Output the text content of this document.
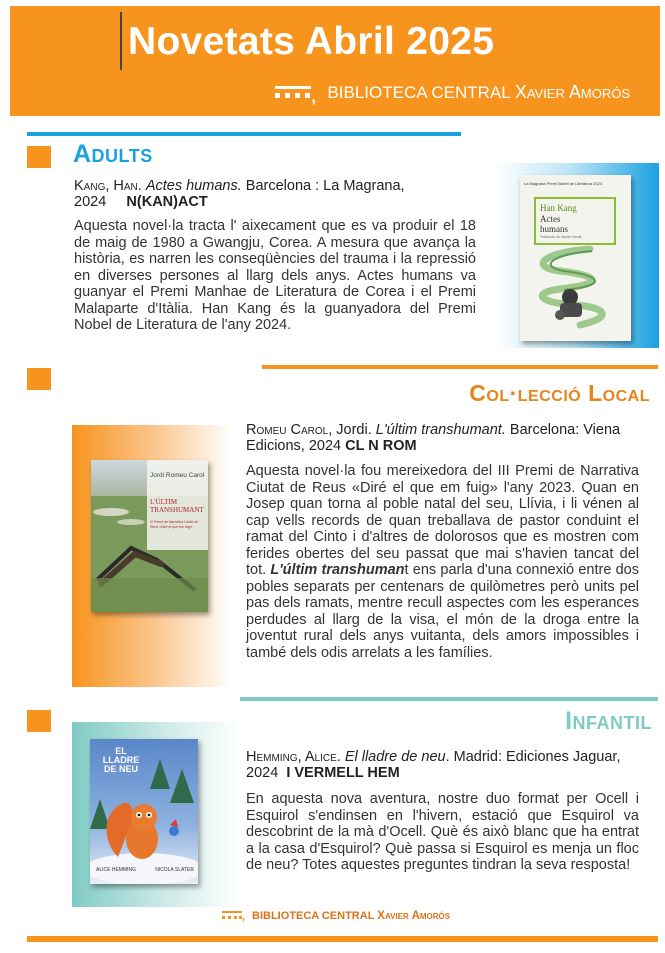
Novetats Abril 2025
, BIBLIOTECA CENTRAL Xavier Amorós
Adults
Kang, Han. Actes humans. Barcelona : La Magrana,
2024 N(KAN)ACT
Aquesta novel·la tracta l' aixecament que es va produir el 18 de maig de 1980 a Gwangju, Corea. A mesura que avança la història, es narren les conseqüències del trauma i la repressió en diverses persones al llarg dels anys. Actes humans va guanyar el Premi Manhae de Literatura de Corea i el Premi Malaparte d'Itàlia. Han Kang és la guanyadora del Premi Nobel de Literatura de l'any 2024.
La Magrana Premi Nobel de Literatura 2024
Han Kang
Actes humans
Traducció de Xavier Cerdà
Col·lecció Local
Jordi Romeu Carol
L'ÚLTIM TRANSHUMANT
III Premi de Narrativa Ciutat de Reus «Diré el que em fuig»
Romeu Carol, Jordi. L'últim transhumant. Barcelona: Viena Edicions, 2024 CL N ROM
Aquesta novel·la fou mereixedora del III Premi de Narrativa Ciutat de Reus «Diré el que em fuig» l'any 2023. Quan en Josep quan torna al poble natal del seu, Llívia, i li vénen al cap vells records de quan treballava de pastor conduint el ramat del Cinto i d'altres de dolorosos que es mostren com ferides obertes del seu passat que mai s'havien tancat del tot. L'últim transhumant ens parla d'una connexió entre dos pobles separats per centenars de quilòmetres però units pel pas dels ramats, mentre recull aspectes com les esperances perdudes al llarg de la visa, el món de la droga entre la joventut rural dels anys vuitanta, dels amors impossibles i també dels odis arrelats a les famílies.
Infantil
EL LLADRE DE NEU
ALICE HEMMING	NICOLA SLATER
Hemming, Alice. El lladre de neu. Madrid: Ediciones Jaguar, 2024 I VERMELL HEM
En aquesta nova aventura, nostre duo format per Ocell i Esquirol s'endinsen en l'hivern, estació que Esquirol va descobrint de la mà d'Ocell. Què és això blanc que ha entrat a la casa d'Esquirol? Què passa si Esquirol es menja un floc de neu? Totes aquestes preguntes tindran la seva resposta!
, BIBLIOTECA CENTRAL Xavier Amorós
